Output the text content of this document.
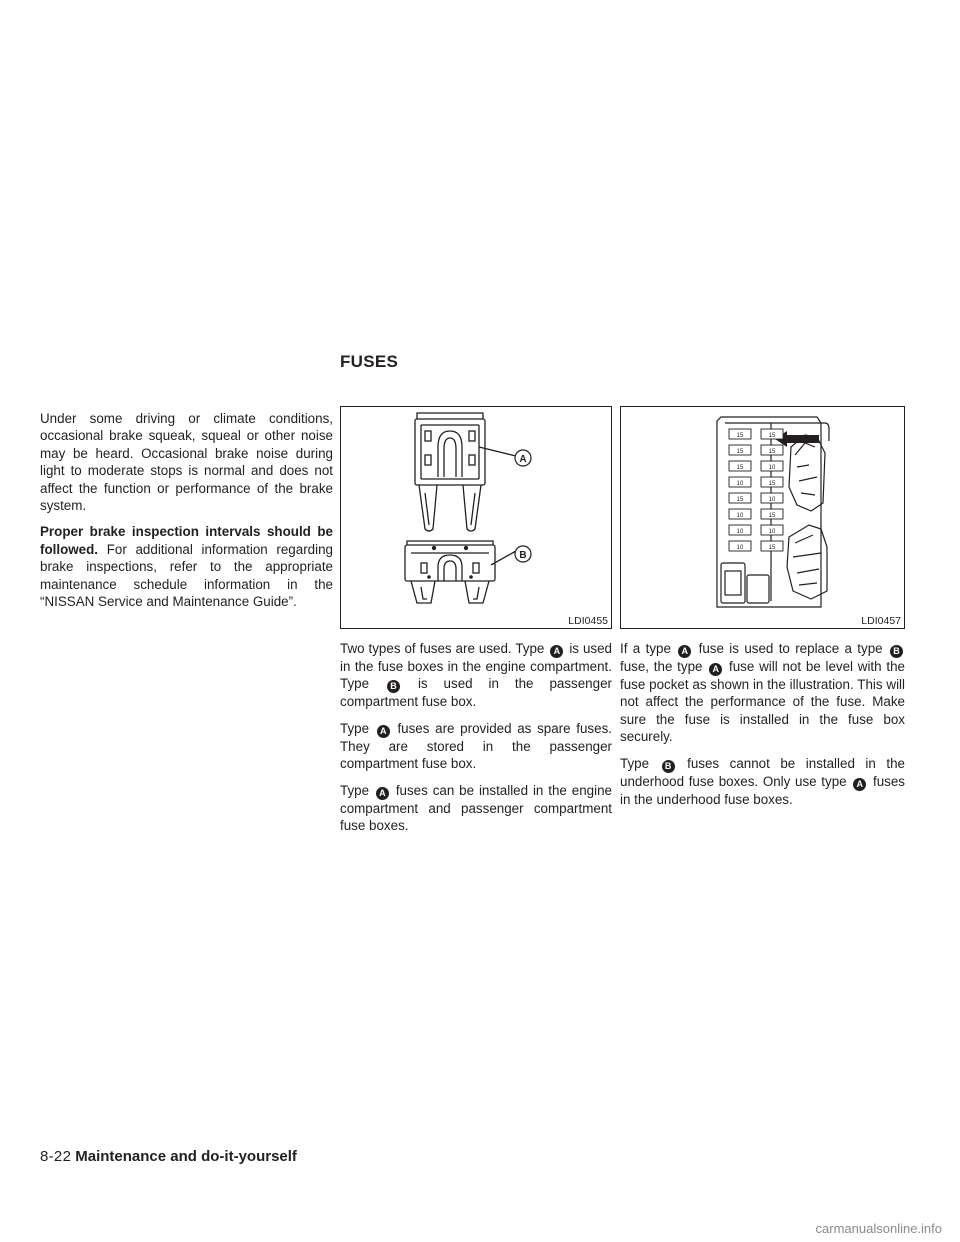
FUSES

Under some driving or climate conditions, occasional brake squeak, squeal or other noise may be heard. Occasional brake noise during light to moderate stops is normal and does not affect the function or performance of the brake system.

Proper brake inspection intervals should be followed. For additional information regarding brake inspections, refer to the appropriate maintenance schedule information in the “NISSAN Service and Maintenance Guide”.

A
B
LDI0455
15	15
15	15
15	10
10	15
15	10
10	15
10	10
10	15
LDI0457

Two types of fuses are used. Type A is used in the fuse boxes in the engine compartment. Type B is used in the passenger compartment fuse box.

Type A fuses are provided as spare fuses. They are stored in the passenger compartment fuse box.

Type A fuses can be installed in the engine compartment and passenger compartment fuse boxes.

If a type A fuse is used to replace a type B fuse, the type A fuse will not be level with the fuse pocket as shown in the illustration. This will not affect the performance of the fuse. Make sure the fuse is installed in the fuse box securely.

Type B fuses cannot be installed in the underhood fuse boxes. Only use type A fuses in the underhood fuse boxes.

8-22 Maintenance and do-it-yourself
carmanualsonline.info
